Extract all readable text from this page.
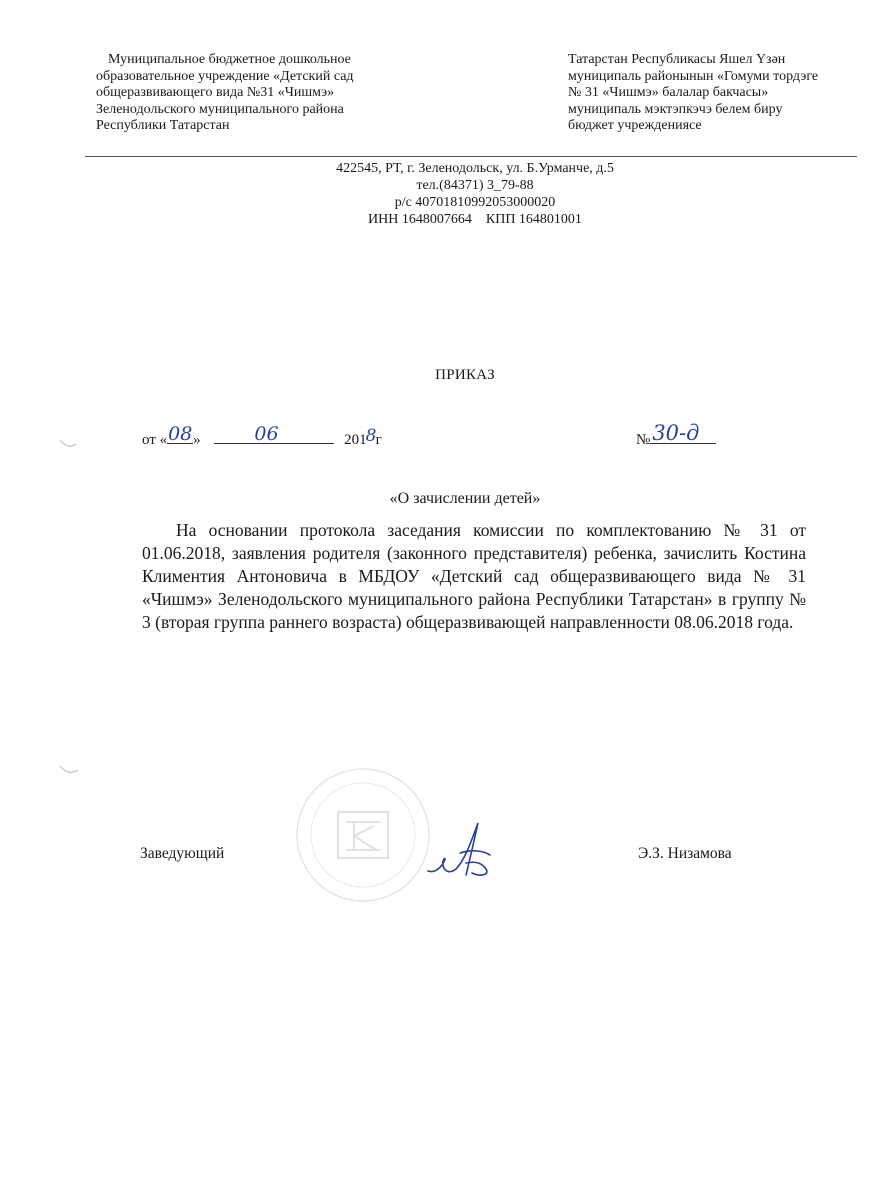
Муниципальное бюджетное дошкольное
образовательное учреждение «Детский сад
общеразвивающего вида №31 «Чишмэ»
Зеленодольского муниципального района
Республики Татарстан
Татарстан Республикасы Яшел Үзән
муниципаль районынын «Гомуми тордэге
№ 31 «Чишмэ» балалар бакчасы»
муниципаль мэктэпкэчэ белем биру
бюджет учреждениясе
422545, РТ, г. Зеленодольск, ул. Б.Урманче, д.5
тел.(84371) 3_79-88
р/с 40701810992053000020
ИНН 1648007664    КПП 164801001
ПРИКАЗ
от « 08 »	06	201 8 г	№ 30-д
«О зачислении детей»
На основании протокола заседания комиссии по комплектованию № 31 от 01.06.2018, заявления родителя (законного представителя) ребенка, зачислить Костина Климентия Антоновича в МБДОУ «Детский сад общеразвивающего вида № 31 «Чишмэ» Зеленодольского муниципального района Республики Татарстан» в группу № 3 (вторая группа раннего возраста) общеразвивающей направленности 08.06.2018 года.
Заведующий	Э.З. Низамова
